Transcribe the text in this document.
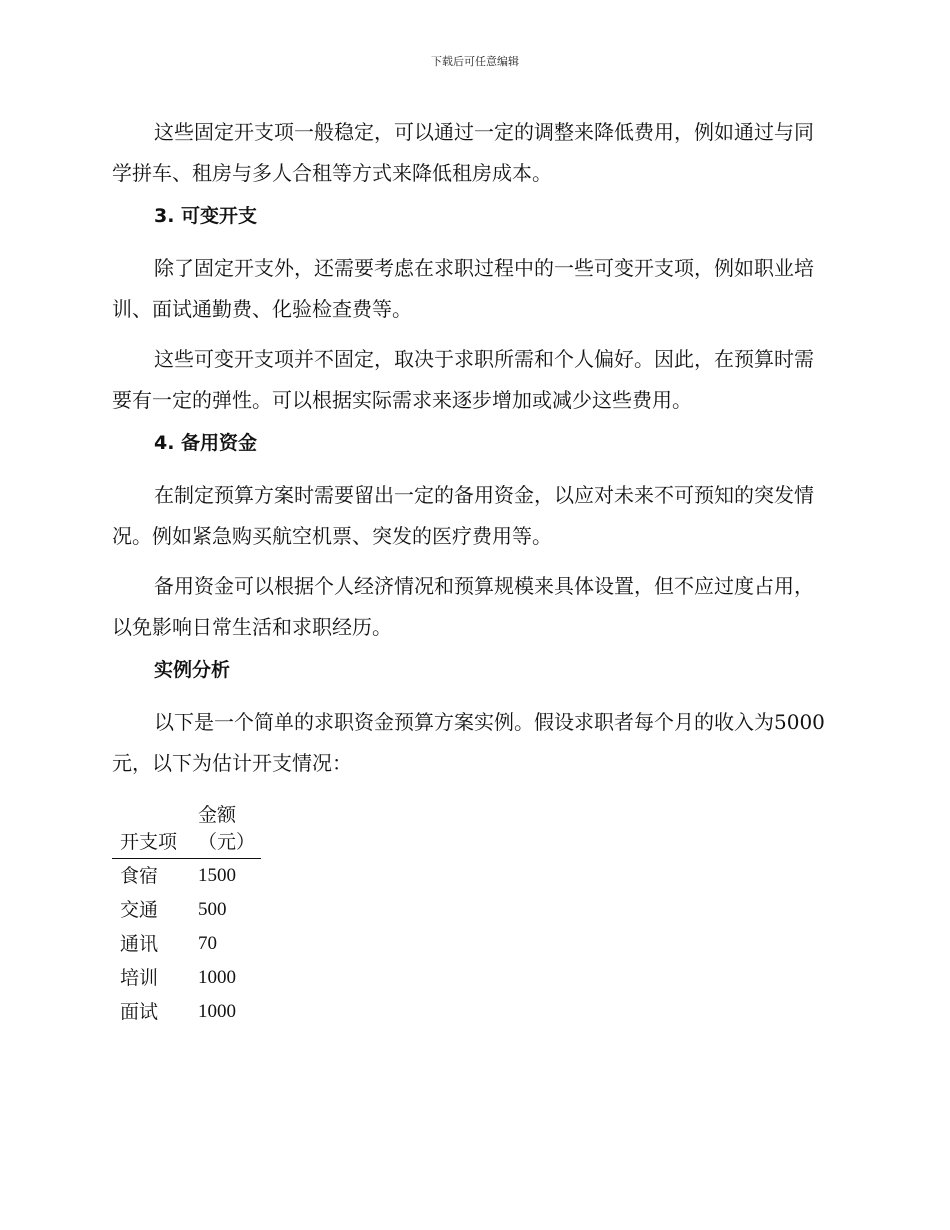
下载后可任意编辑

这些固定开支项一般稳定，可以通过一定的调整来降低费用，例如通过与同学拼车、租房与多人合租等方式来降低租房成本。

3. 可变开支

除了固定开支外，还需要考虑在求职过程中的一些可变开支项，例如职业培训、面试通勤费、化验检查费等。

这些可变开支项并不固定，取决于求职所需和个人偏好。因此，在预算时需要有一定的弹性。可以根据实际需求来逐步增加或减少这些费用。

4. 备用资金

在制定预算方案时需要留出一定的备用资金，以应对未来不可预知的突发情况。例如紧急购买航空机票、突发的医疗费用等。

备用资金可以根据个人经济情况和预算规模来具体设置，但不应过度占用，以免影响日常生活和求职经历。

实例分析

以下是一个简单的求职资金预算方案实例。假设求职者每个月的收入为5000元，以下为估计开支情况：

开支项	金额（元）
食宿	1500
交通	500
通讯	70
培训	1000
面试	1000
